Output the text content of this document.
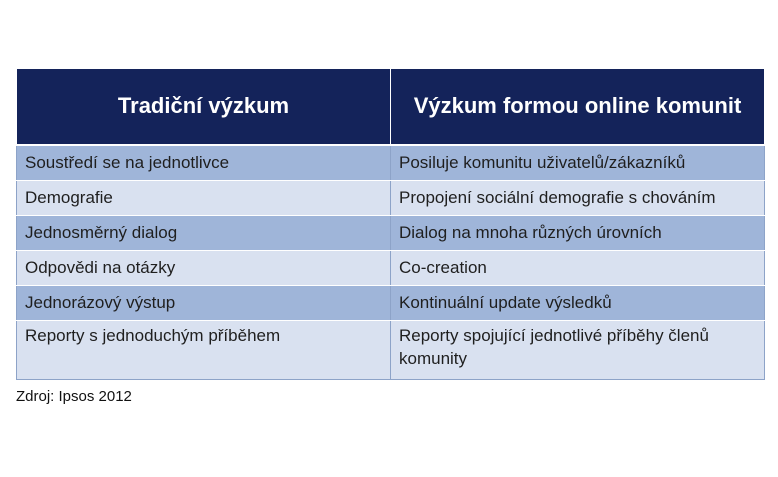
Tradiční výzkum	Výzkum formou online komunit
Soustředí se na jednotlivce	Posiluje komunitu uživatelů/zákazníků
Demografie	Propojení sociální demografie s chováním
Jednosměrný dialog	Dialog na mnoha různých úrovních
Odpovědi na otázky	Co-creation
Jednorázový výstup	Kontinuální update výsledků
Reporty s jednoduchým příběhem	Reporty spojující jednotlivé příběhy členů komunity
Zdroj: Ipsos 2012
